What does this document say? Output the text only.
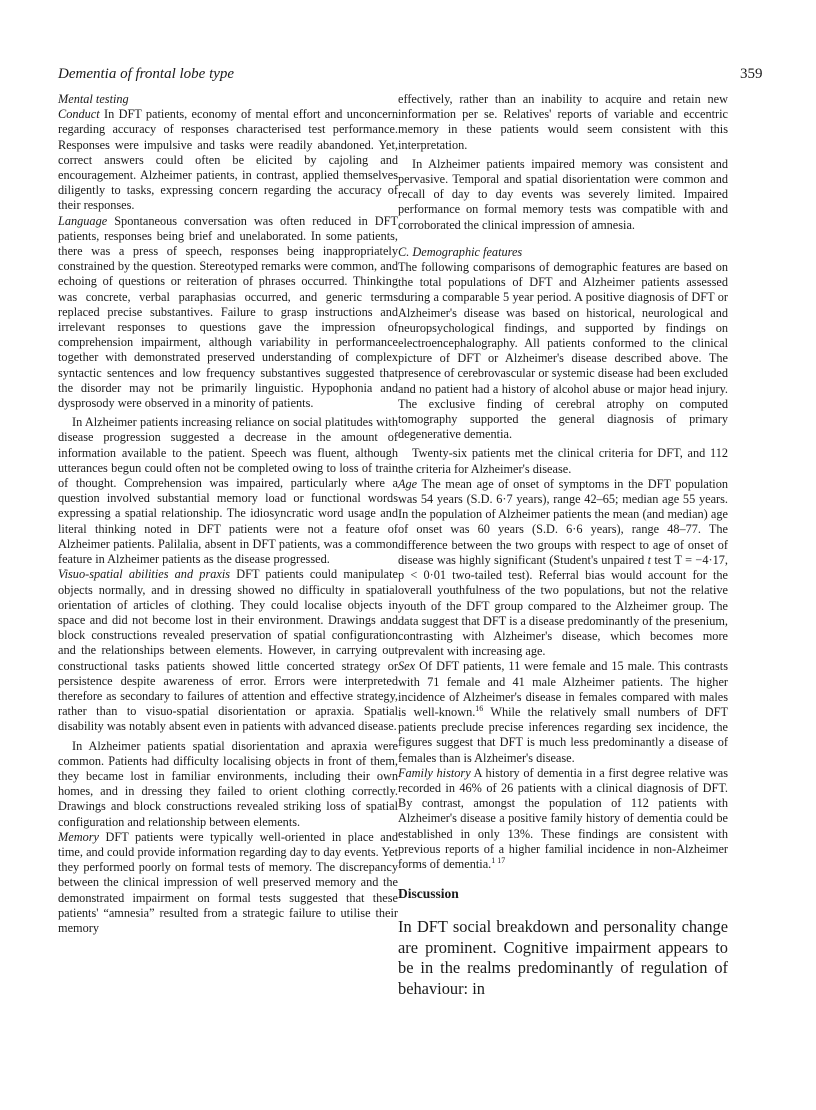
Dementia of frontal lobe type	359

Mental testing

Conduct In DFT patients, economy of mental effort and unconcern regarding accuracy of responses characterised test performance. Responses were impulsive and tasks were readily abandoned. Yet, correct answers could often be elicited by cajoling and encouragement. Alzheimer patients, in contrast, applied themselves diligently to tasks, expressing concern regarding the accuracy of their responses.

Language Spontaneous conversation was often reduced in DFT patients, responses being brief and unelaborated. In some patients, there was a press of speech, responses being inappropriately constrained by the question. Stereotyped remarks were common, and echoing of questions or reiteration of phrases occurred. Thinking was concrete, verbal paraphasias occurred, and generic terms replaced precise substantives. Failure to grasp instructions and irrelevant responses to questions gave the impression of comprehension impairment, although variability in performance together with demonstrated preserved understanding of complex syntactic sentences and low frequency substantives suggested that the disorder may not be primarily linguistic. Hypophonia and dysprosody were observed in a minority of patients.

In Alzheimer patients increasing reliance on social platitudes with disease progression suggested a decrease in the amount of information available to the patient. Speech was fluent, although utterances begun could often not be completed owing to loss of train of thought. Comprehension was impaired, particularly where a question involved substantial memory load or functional words expressing a spatial relationship. The idiosyncratic word usage and literal thinking noted in DFT patients were not a feature of Alzheimer patients. Palilalia, absent in DFT patients, was a common feature in Alzheimer patients as the disease progressed.

Visuo-spatial abilities and praxis DFT patients could manipulate objects normally, and in dressing showed no difficulty in spatial orientation of articles of clothing. They could localise objects in space and did not become lost in their environment. Drawings and block constructions revealed preservation of spatial configuration and the relationships between elements. However, in carrying out constructional tasks patients showed little concerted strategy or persistence despite awareness of error. Errors were interpreted therefore as secondary to failures of attention and effective strategy, rather than to visuo-spatial disorientation or apraxia. Spatial disability was notably absent even in patients with advanced disease.

In Alzheimer patients spatial disorientation and apraxia were common. Patients had difficulty localising objects in front of them, they became lost in familiar environments, including their own homes, and in dressing they failed to orient clothing correctly. Drawings and block constructions revealed striking loss of spatial configuration and relationship between elements.

Memory DFT patients were typically well-oriented in place and time, and could provide information regarding day to day events. Yet they performed poorly on formal tests of memory. The discrepancy between the clinical impression of well preserved memory and the demonstrated impairment on formal tests suggested that these patients' “amnesia” resulted from a strategic failure to utilise their memory

effectively, rather than an inability to acquire and retain new information per se. Relatives' reports of variable and eccentric memory in these patients would seem consistent with this interpretation.

In Alzheimer patients impaired memory was consistent and pervasive. Temporal and spatial disorientation were common and recall of day to day events was severely limited. Impaired performance on formal memory tests was compatible with and corroborated the clinical impression of amnesia.

C. Demographic features

The following comparisons of demographic features are based on the total populations of DFT and Alzheimer patients assessed during a comparable 5 year period. A positive diagnosis of DFT or Alzheimer's disease was based on historical, neurological and neuropsychological findings, and supported by findings on electroencephalography. All patients conformed to the clinical picture of DFT or Alzheimer's disease described above. The presence of cerebrovascular or systemic disease had been excluded and no patient had a history of alcohol abuse or major head injury. The exclusive finding of cerebral atrophy on computed tomography supported the general diagnosis of primary degenerative dementia.

Twenty-six patients met the clinical criteria for DFT, and 112 the criteria for Alzheimer's disease.

Age The mean age of onset of symptoms in the DFT population was 54 years (S.D. 6·7 years), range 42–65; median age 55 years. In the population of Alzheimer patients the mean (and median) age of onset was 60 years (S.D. 6·6 years), range 48–77. The difference between the two groups with respect to age of onset of disease was highly significant (Student's unpaired t test T = −4·17, p < 0·01 two-tailed test). Referral bias would account for the overall youthfulness of the two populations, but not the relative youth of the DFT group compared to the Alzheimer group. The data suggest that DFT is a disease predominantly of the presenium, contrasting with Alzheimer's disease, which becomes more prevalent with increasing age.

Sex Of DFT patients, 11 were female and 15 male. This contrasts with 71 female and 41 male Alzheimer patients. The higher incidence of Alzheimer's disease in females compared with males is well-known.$^{16}$ While the relatively small numbers of DFT patients preclude precise inferences regarding sex incidence, the figures suggest that DFT is much less predominantly a disease of females than is Alzheimer's disease.

Family history A history of dementia in a first degree relative was recorded in 46% of 26 patients with a clinical diagnosis of DFT. By contrast, amongst the population of 112 patients with Alzheimer's disease a positive family history of dementia could be established in only 13%. These findings are consistent with previous reports of a higher familial incidence in non-Alzheimer forms of dementia.$^{1 17}$

Discussion

In DFT social breakdown and personality change are prominent. Cognitive impairment appears to be in the realms predominantly of regulation of behaviour: in
